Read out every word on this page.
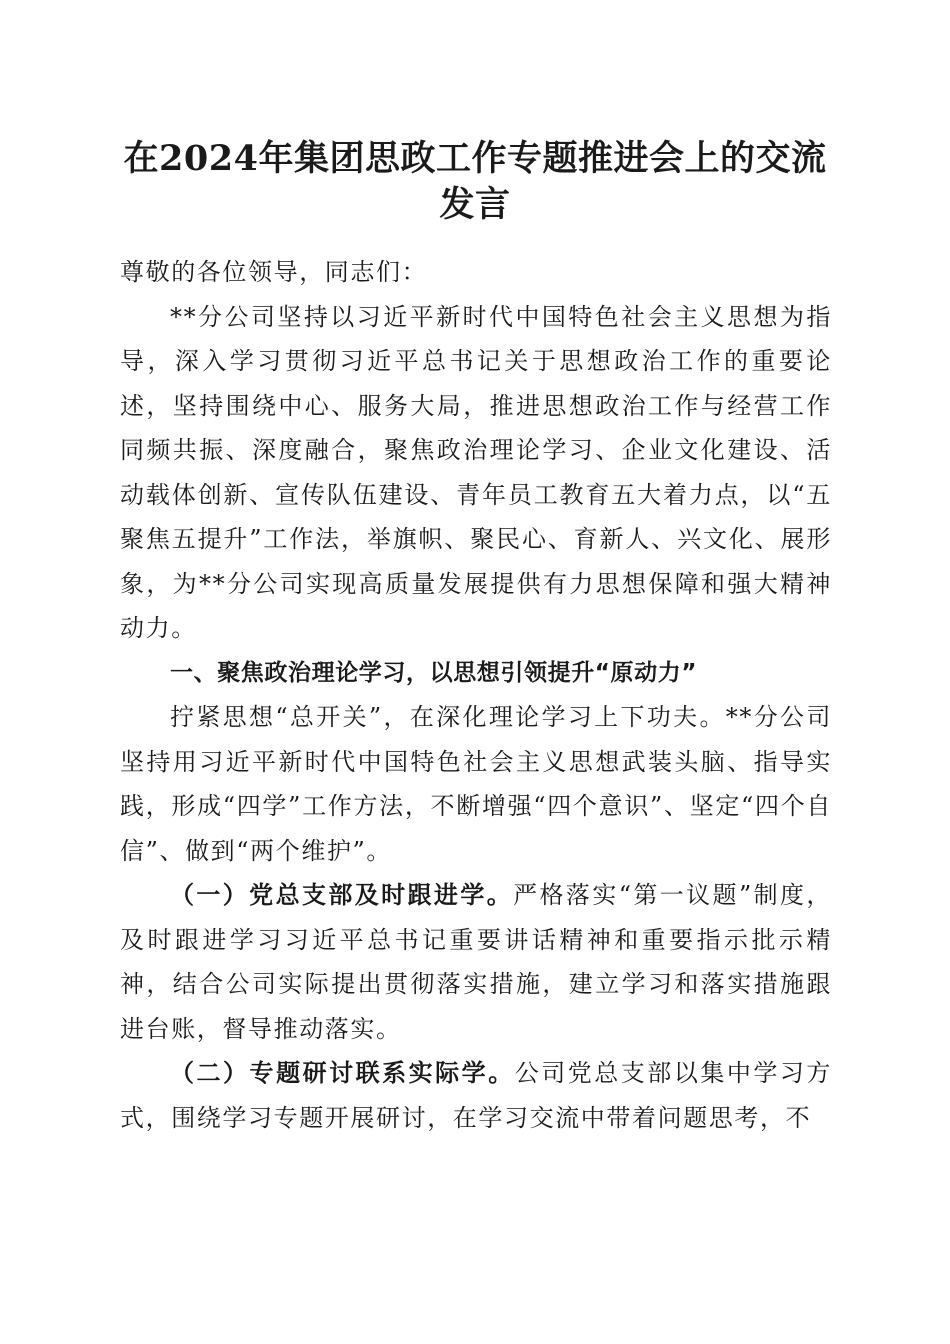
在2024年集团思政工作专题推进会上的交流
发言

尊敬的各位领导，同志们：

**分公司坚持以习近平新时代中国特色社会主义思想为指导，深入学习贯彻习近平总书记关于思想政治工作的重要论述，坚持围绕中心、服务大局，推进思想政治工作与经营工作同频共振、深度融合，聚焦政治理论学习、企业文化建设、活动载体创新、宣传队伍建设、青年员工教育五大着力点，以“五聚焦五提升”工作法，举旗帜、聚民心、育新人、兴文化、展形象，为**分公司实现高质量发展提供有力思想保障和强大精神动力。

一、聚焦政治理论学习，以思想引领提升“原动力”

拧紧思想“总开关”，在深化理论学习上下功夫。**分公司坚持用习近平新时代中国特色社会主义思想武装头脑、指导实践，形成“四学”工作方法，不断增强“四个意识”、坚定“四个自信”、做到“两个维护”。

（一）党总支部及时跟进学。严格落实“第一议题”制度，及时跟进学习习近平总书记重要讲话精神和重要指示批示精神，结合公司实际提出贯彻落实措施，建立学习和落实措施跟进台账，督导推动落实。

（二）专题研讨联系实际学。公司党总支部以集中学习方式，围绕学习专题开展研讨，在学习交流中带着问题思考，不
